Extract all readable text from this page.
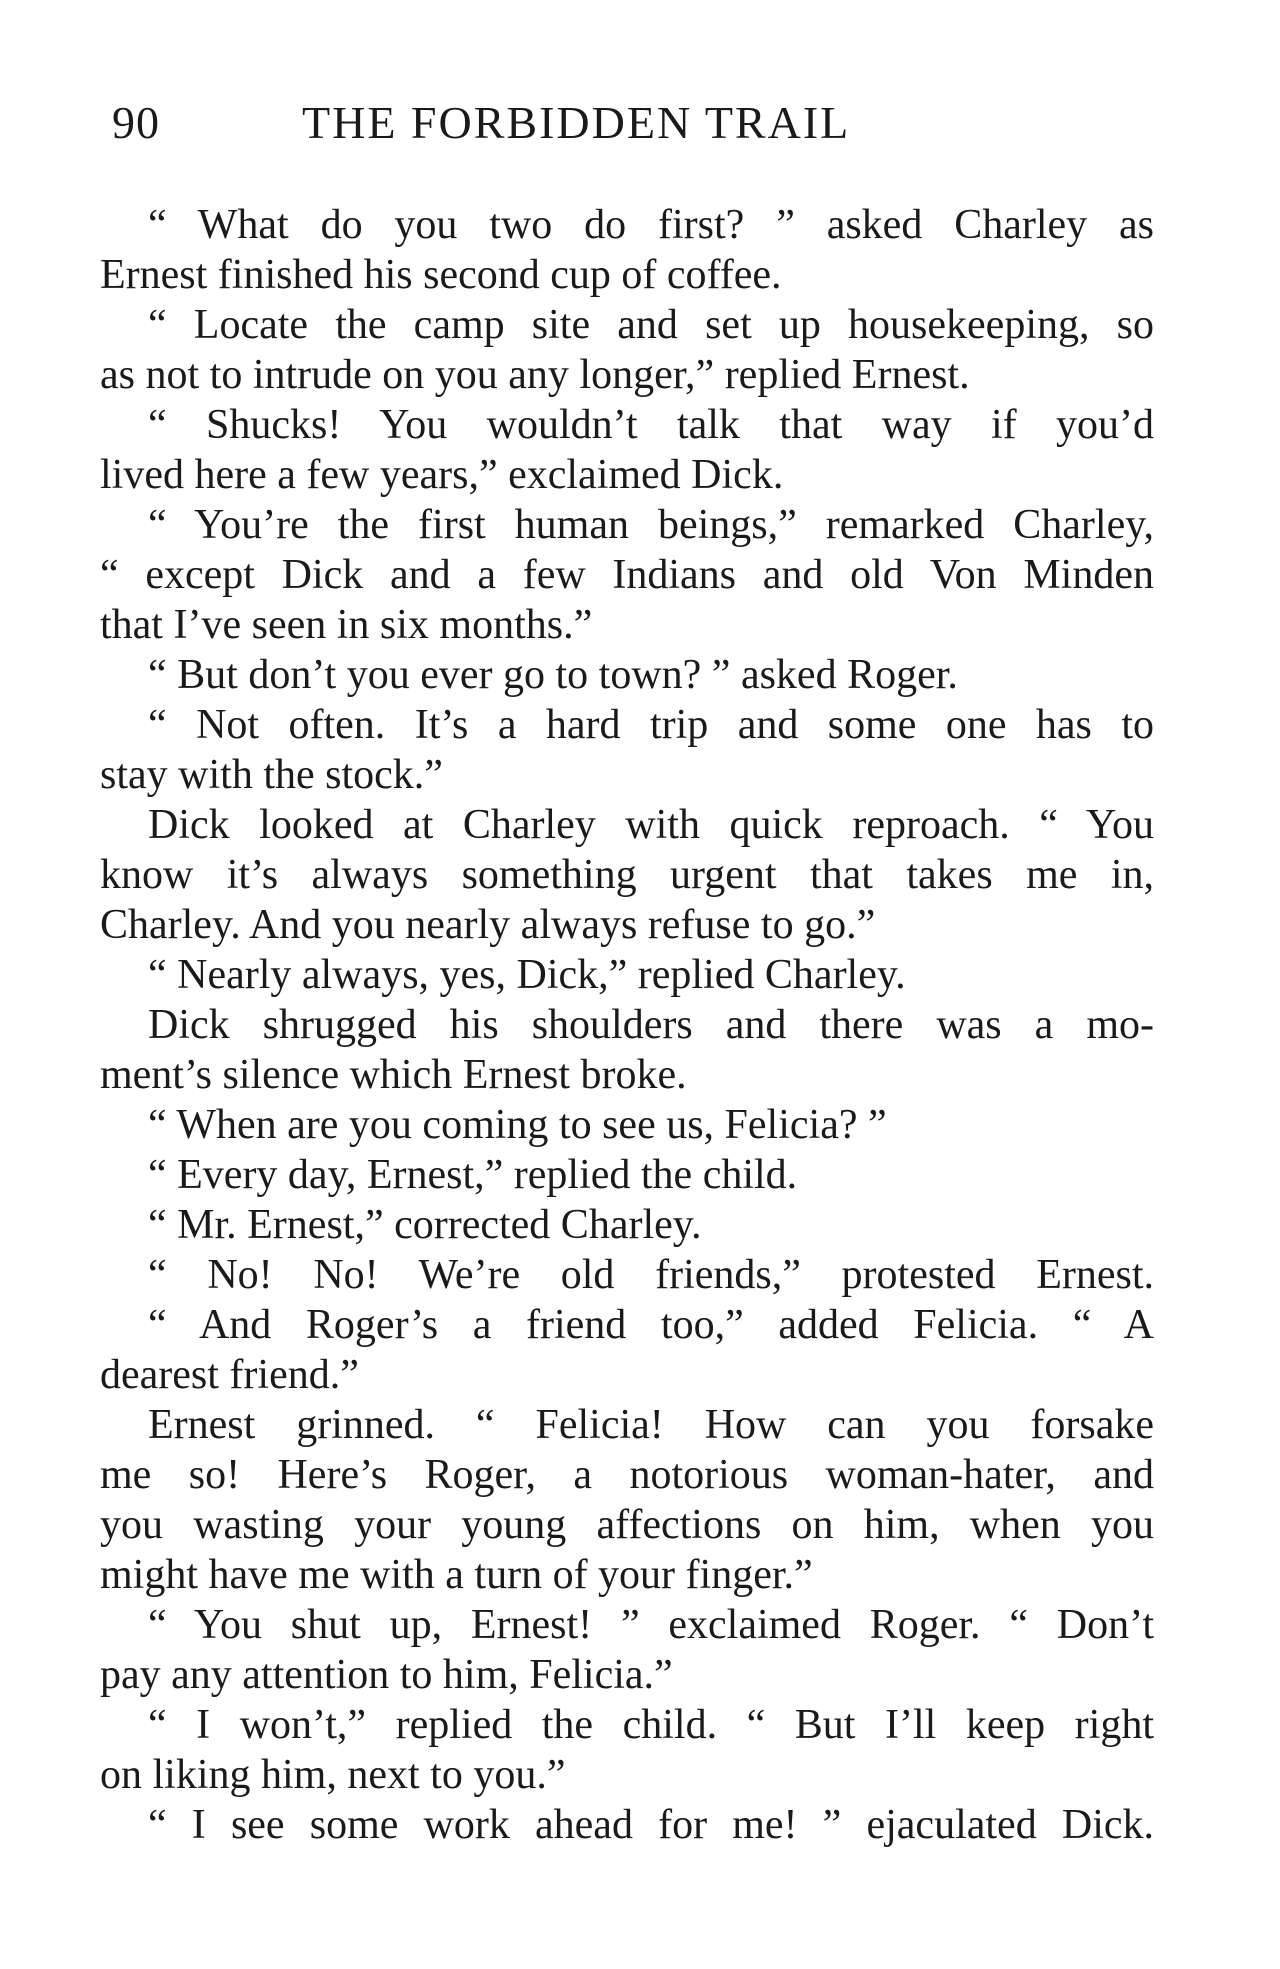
90	THE FORBIDDEN TRAIL
“ What do you two do first? ” asked Charley as
Ernest finished his second cup of coffee.
“ Locate the camp site and set up housekeeping, so
as not to intrude on you any longer,” replied Ernest.
“ Shucks! You wouldn’t talk that way if you’d
lived here a few years,” exclaimed Dick.
“ You’re the first human beings,” remarked Charley,
“ except Dick and a few Indians and old Von Minden
that I’ve seen in six months.”
“ But don’t you ever go to town? ” asked Roger.
“ Not often. It’s a hard trip and some one has to
stay with the stock.”
Dick looked at Charley with quick reproach. “ You
know it’s always something urgent that takes me in,
Charley. And you nearly always refuse to go.”
“ Nearly always, yes, Dick,” replied Charley.
Dick shrugged his shoulders and there was a mo-
ment’s silence which Ernest broke.
“ When are you coming to see us, Felicia? ”
“ Every day, Ernest,” replied the child.
“ Mr. Ernest,” corrected Charley.
“ No! No! We’re old friends,” protested Ernest.
“ And Roger’s a friend too,” added Felicia. “ A
dearest friend.”
Ernest grinned. “ Felicia! How can you forsake
me so! Here’s Roger, a notorious woman-hater, and
you wasting your young affections on him, when you
might have me with a turn of your finger.”
“ You shut up, Ernest! ” exclaimed Roger. “ Don’t
pay any attention to him, Felicia.”
“ I won’t,” replied the child. “ But I’ll keep right
on liking him, next to you.”
“ I see some work ahead for me! ” ejaculated Dick.
